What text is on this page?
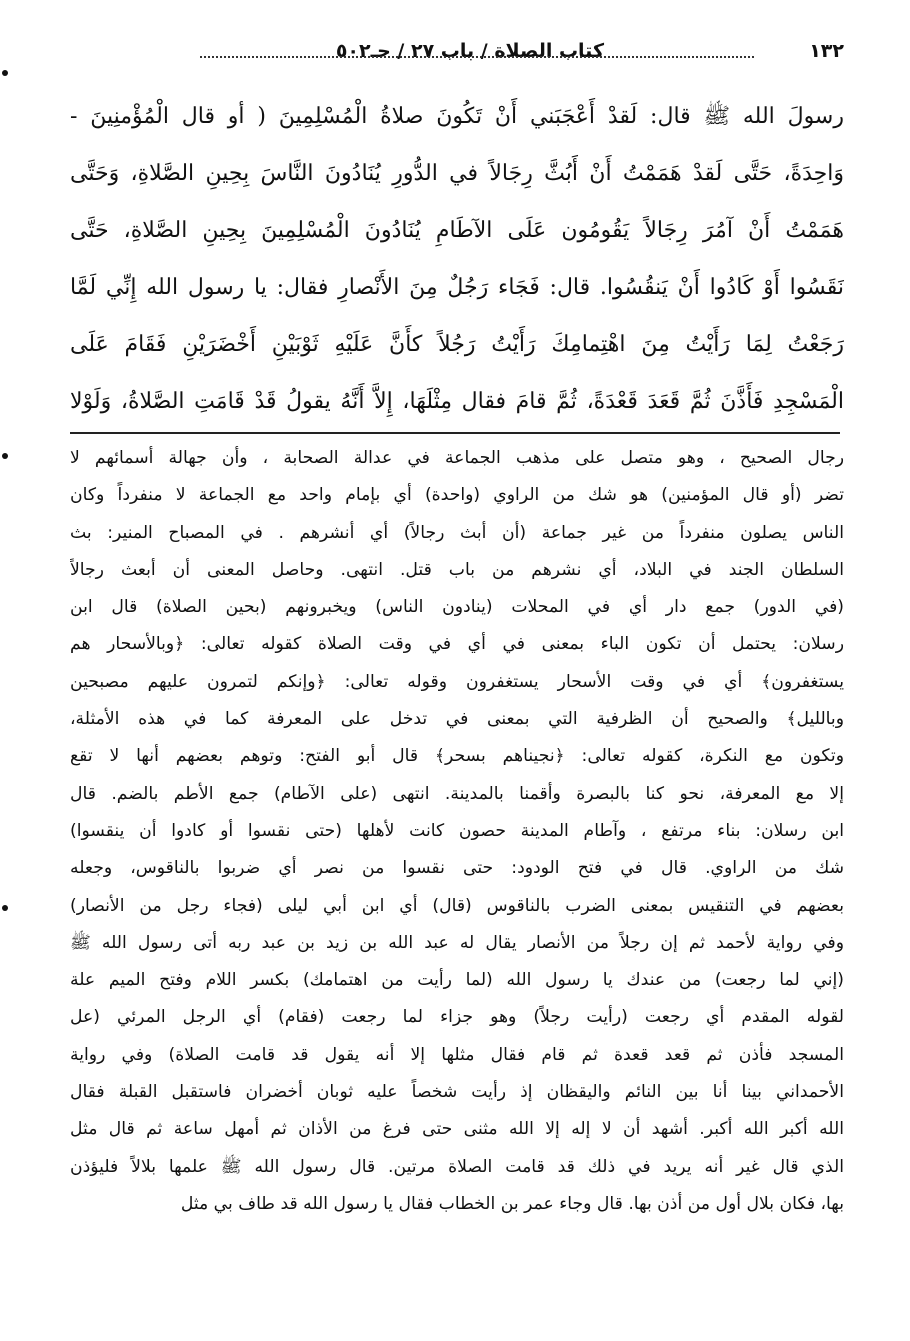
١٣٢
كتاب الصلاة / باب ٢٧ / حـ٥٠٢
رسولَ الله ﷺ قال: لَقدْ أَعْجَبَني أَنْ تَكُونَ صلاةُ الْمُسْلِمِينَ ( أو قال الْمُؤْمنِينَ -
وَاحِدَةً، حَتَّى لَقدْ هَمَمْتُ أَنْ أَبُثَّ رِجَالاً في الدُّورِ يُنَادُونَ النَّاسَ بِحِينِ الصَّلاةِ، وَحَتَّى
هَمَمْتُ أَنْ آمُرَ رِجَالاً يَقُومُون عَلَى الآطَامِ يُنَادُونَ الْمُسْلِمِينَ بِحِينِ الصَّلاةِ، حَتَّى
نَقَسُوا أَوْ كَادُوا أَنْ يَنقُسُوا. قال: فَجَاء رَجُلٌ مِنَ الأَنْصارِ فقال: يا رسول الله إِنِّي لَمَّا
رَجَعْتُ لِمَا رَأَيْتُ مِنَ اهْتِمامِكَ رَأَيْتُ رَجُلاً كأَنَّ عَلَيْهِ ثَوْبَيْنِ أَخْضَرَيْنِ فَقَامَ عَلَى
الْمَسْجِدِ فَأَذَّنَ ثُمَّ قَعَدَ قَعْدَةً، ثُمَّ قامَ فقال مِثْلَهَا، إِلاَّ أَنَّهُ يقولُ قَدْ قَامَتِ الصَّلاةُ، وَلَوْلا
رجال الصحيح ، وهو متصل على مذهب الجماعة في عدالة الصحابة ، وأن جهالة أسمائهم لا
تضر (أو قال المؤمنين) هو شك من الراوي (واحدة) أي بإمام واحد مع الجماعة لا منفرداً وكان
الناس يصلون منفرداً من غير جماعة (أن أبث رجالاً) أي أنشرهم . في المصباح المنير: بث
السلطان الجند في البلاد، أي نشرهم من باب قتل. انتهى. وحاصل المعنى أن أبعث رجالاً
(في الدور) جمع دار أي في المحلات (ينادون الناس) ويخبرونهم (بحين الصلاة) قال ابن
رسلان: يحتمل أن تكون الباء بمعنى في أي في وقت الصلاة كقوله تعالى: ﴿وبالأسحار هم
يستغفرون﴾ أي في وقت الأسحار يستغفرون وقوله تعالى: ﴿وإنكم لتمرون عليهم مصبحين
وبالليل﴾ والصحيح أن الظرفية التي بمعنى في تدخل على المعرفة كما في هذه الأمثلة،
وتكون مع النكرة، كقوله تعالى: ﴿نجيناهم بسحر﴾ قال أبو الفتح: وتوهم بعضهم أنها لا تقع
إلا مع المعرفة، نحو كنا بالبصرة وأقمنا بالمدينة. انتهى (على الآطام) جمع الأطم بالضم. قال
ابن رسلان: بناء مرتفع ، وآطام المدينة حصون كانت لأهلها (حتى نقسوا أو كادوا أن ينقسوا)
شك من الراوي. قال في فتح الودود: حتى نقسوا من نصر أي ضربوا بالناقوس، وجعله
بعضهم في التنقيس بمعنى الضرب بالناقوس (قال) أي ابن أبي ليلى (فجاء رجل من الأنصار)
وفي رواية لأحمد ثم إن رجلاً من الأنصار يقال له عبد الله بن زيد بن عبد ربه أتى رسول الله ﷺ
(إني لما رجعت) من عندك يا رسول الله (لما رأيت من اهتمامك) بكسر اللام وفتح الميم علة
لقوله المقدم أي رجعت (رأيت رجلاً) وهو جزاء لما رجعت (فقام) أي الرجل المرئي (عل
المسجد فأذن ثم قعد قعدة ثم قام فقال مثلها إلا أنه يقول قد قامت الصلاة) وفي رواية
الأحمداني بينا أنا بين النائم واليقظان إذ رأيت شخصاً عليه ثوبان أخضران فاستقبل القبلة فقال
الله أكبر الله أكبر. أشهد أن لا إله إلا الله مثنى حتى فرغ من الأذان ثم أمهل ساعة ثم قال مثل
الذي قال غير أنه يريد في ذلك قد قامت الصلاة مرتين. قال رسول الله ﷺ علمها بلالاً فليؤذن
بها، فكان بلال أول من أذن بها. قال وجاء عمر بن الخطاب فقال يا رسول الله قد طاف بي مثل
